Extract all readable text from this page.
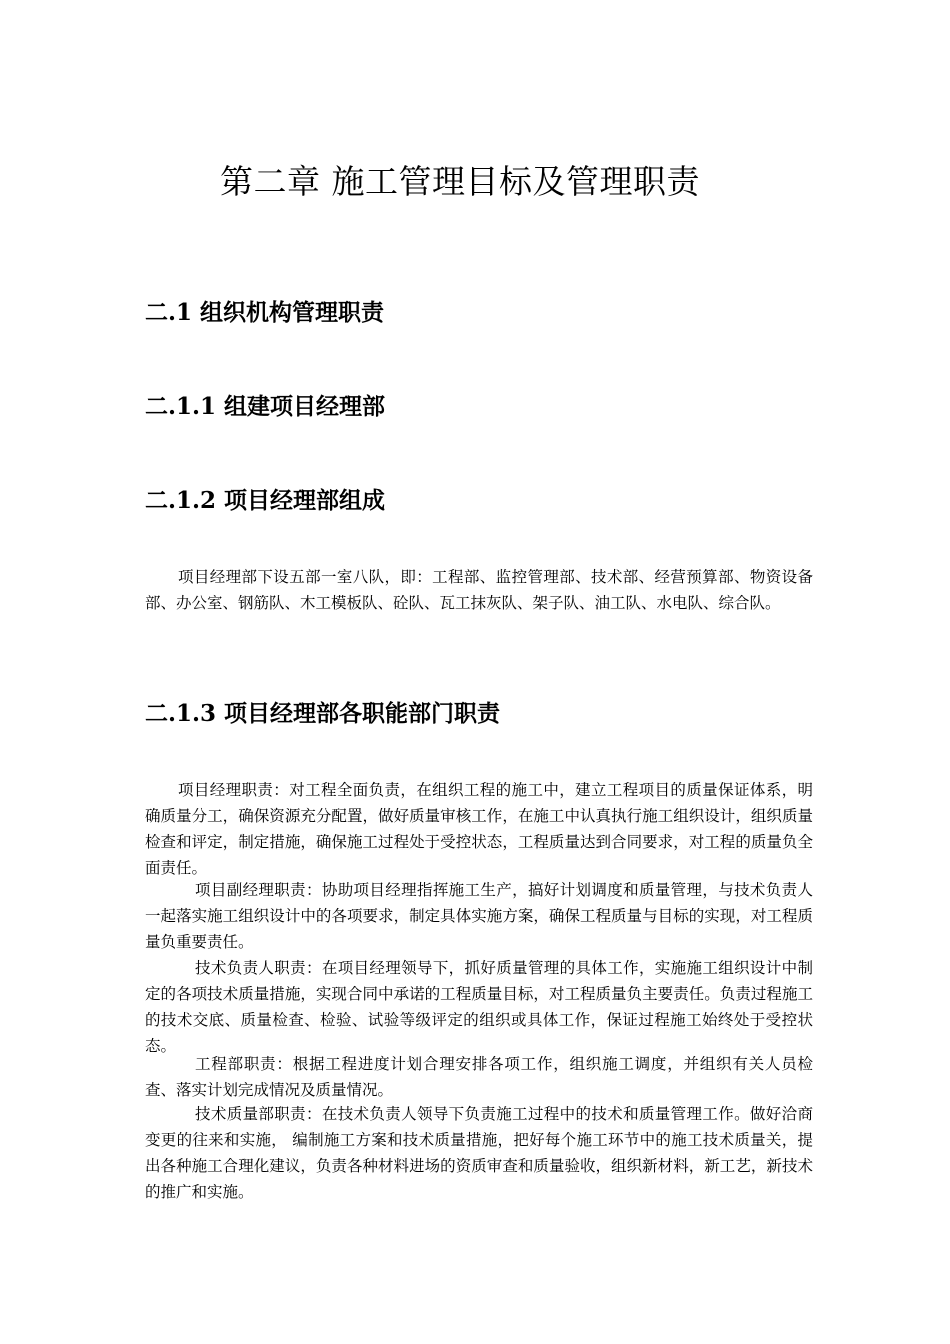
第二章 施工管理目标及管理职责
二.1 组织机构管理职责
二.1.1 组建项目经理部
二.1.2 项目经理部组成

项目经理部下设五部一室八队，即：工程部、监控管理部、技术部、经营预算部、物资设备部、办公室、钢筋队、木工模板队、砼队、瓦工抹灰队、架子队、油工队、水电队、综合队。

二.1.3 项目经理部各职能部门职责

项目经理职责：对工程全面负责，在组织工程的施工中，建立工程项目的质量保证体系，明确质量分工，确保资源充分配置，做好质量审核工作，在施工中认真执行施工组织设计，组织质量检查和评定，制定措施，确保施工过程处于受控状态，工程质量达到合同要求，对工程的质量负全面责任。

项目副经理职责：协助项目经理指挥施工生产，搞好计划调度和质量管理，与技术负责人一起落实施工组织设计中的各项要求，制定具体实施方案，确保工程质量与目标的实现，对工程质量负重要责任。

技术负责人职责：在项目经理领导下，抓好质量管理的具体工作，实施施工组织设计中制定的各项技术质量措施，实现合同中承诺的工程质量目标，对工程质量负主要责任。负责过程施工的技术交底、质量检查、检验、试验等级评定的组织或具体工作，保证过程施工始终处于受控状态。

工程部职责：根据工程进度计划合理安排各项工作，组织施工调度，并组织有关人员检查、落实计划完成情况及质量情况。

技术质量部职责：在技术负责人领导下负责施工过程中的技术和质量管理工作。做好洽商变更的往来和实施， 编制施工方案和技术质量措施，把好每个施工环节中的施工技术质量关，提出各种施工合理化建议，负责各种材料进场的资质审查和质量验收，组织新材料，新工艺，新技术的推广和实施。
